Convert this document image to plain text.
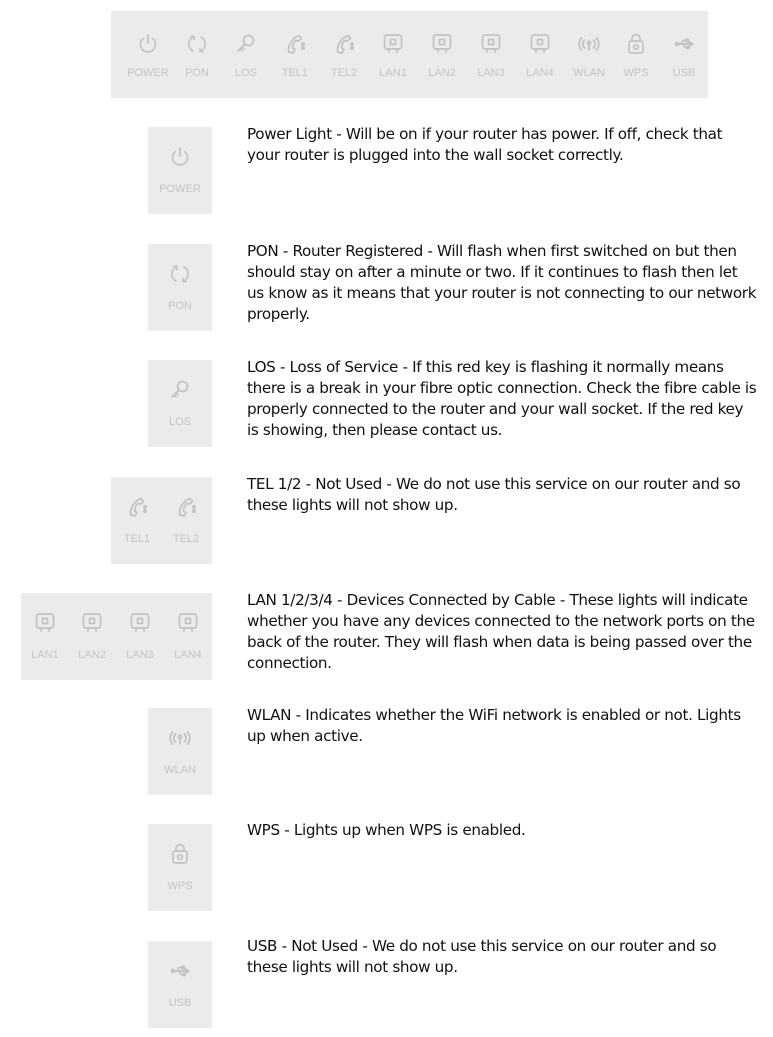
POWER	PON	LOS	TEL1	TEL2	LAN1	LAN2	LAN3	LAN4	WLAN	WPS	USB
POWER

Power Light - Will be on if your router has power. If off, check that your router is plugged into the wall socket correctly.

PON

PON - Router Registered - Will flash when first switched on but then should stay on after a minute or two. If it continues to flash then let us know as it means that your router is not connecting to our network properly.

LOS

LOS - Loss of Service - If this red key is flashing it normally means there is a break in your fibre optic connection. Check the fibre cable is properly connected to the router and your wall socket. If the red key is showing, then please contact us.

TEL1	TEL2

TEL 1/2 - Not Used - We do not use this service on our router and so these lights will not show up.

LAN1	LAN2	LAN3	LAN4

LAN 1/2/3/4 - Devices Connected by Cable - These lights will indicate whether you have any devices connected to the network ports on the back of the router. They will flash when data is being passed over the connection.

WLAN

WLAN - Indicates whether the WiFi network is enabled or not. Lights up when active.

WPS

WPS - Lights up when WPS is enabled.

USB

USB - Not Used - We do not use this service on our router and so these lights will not show up.
